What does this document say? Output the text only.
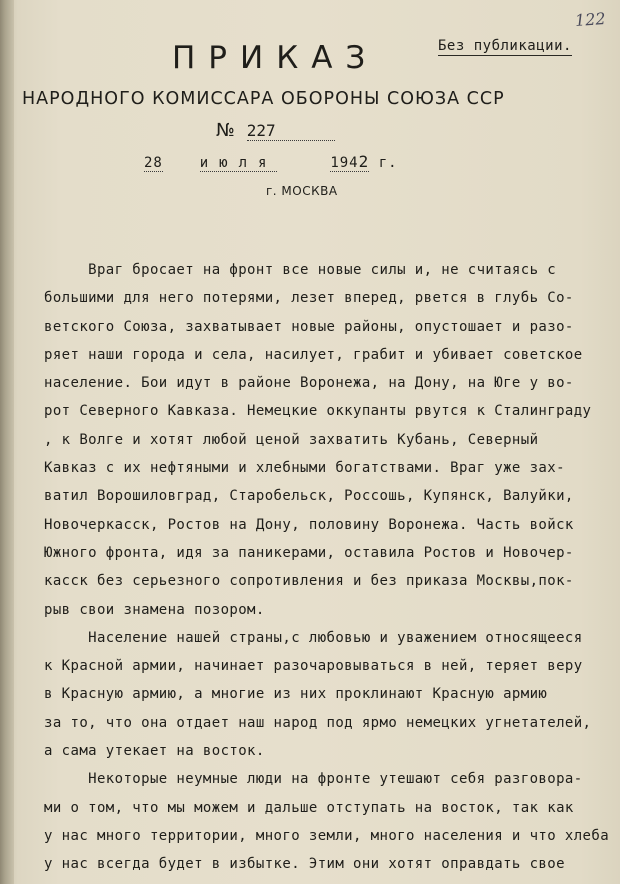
122
Без публикации.
ПРИКАЗ
НАРОДНОГО КОМИССАРА ОБОРОНЫ СОЮЗА ССР
№ 227
28	июля	1942 г.
г. МОСКВА
Враг бросает на фронт все новые силы и, не считаясь с
большими для него потерями, лезет вперед, рвется в глубь Со-
ветского Союза, захватывает новые районы, опустошает и разо-
ряет наши города и села, насилует, грабит и убивает советское
население. Бои идут в районе Воронежа, на Дону, на Юге у во-
рот Северного Кавказа. Немецкие оккупанты рвутся к Сталинграду
, к Волге и хотят любой ценой захватить Кубань, Северный
Кавказ с их нефтяными и хлебными богатствами. Враг уже зах-
ватил Ворошиловград, Старобельск, Россошь, Купянск, Валуйки,
Новочеркасск, Ростов на Дону, половину Воронежа. Часть войск
Южного фронта, идя за паникерами, оставила Ростов и Новочер-
касск без серьезного сопротивления и без приказа Москвы,пок-
рыв свои знамена позором.
Население нашей страны,с любовью и уважением относящееся
к Красной армии, начинает разочаровываться в ней, теряет веру
в Красную армию, а многие из них проклинают Красную армию
за то, что она отдает наш народ под ярмо немецких угнетателей,
а сама утекает на восток.
Некоторые неумные люди на фронте утешают себя разговора-
ми о том, что мы можем и дальше отступать на восток, так как
у нас много территории, много земли, много населения и что хлеба
у нас всегда будет в избытке. Этим они хотят оправдать свое
